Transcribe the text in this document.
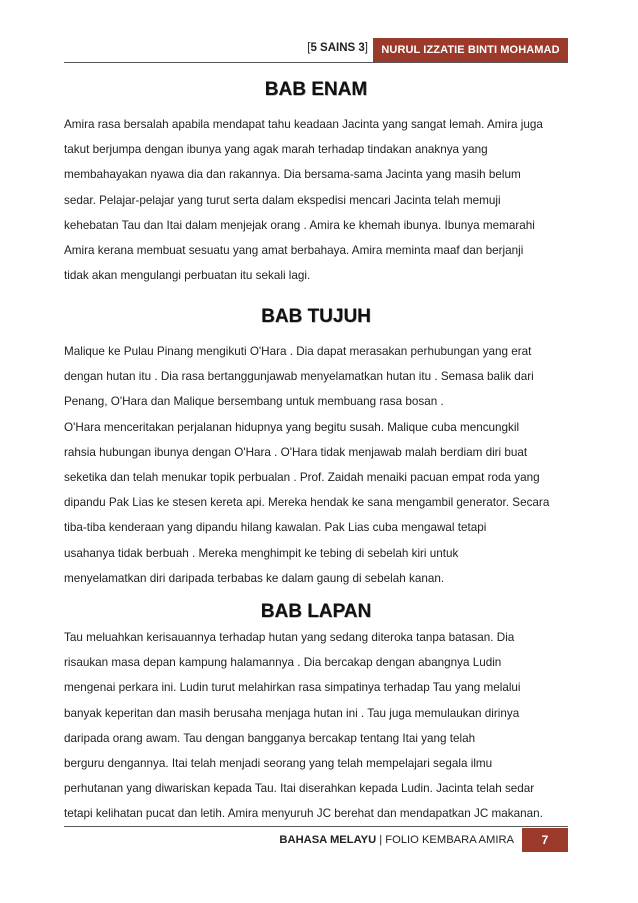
[5 SAINS 3]	NURUL IZZATIE BINTI MOHAMAD
BAB ENAM
Amira rasa bersalah apabila mendapat tahu keadaan Jacinta yang sangat lemah. Amira juga
takut berjumpa dengan ibunya yang agak marah terhadap tindakan anaknya yang
membahayakan nyawa dia dan rakannya. Dia bersama-sama Jacinta yang masih belum
sedar. Pelajar-pelajar yang turut serta dalam ekspedisi mencari Jacinta telah memuji
kehebatan Tau dan Itai dalam menjejak orang . Amira ke khemah ibunya. Ibunya memarahi
Amira kerana membuat sesuatu yang amat berbahaya. Amira meminta maaf dan berjanji
tidak akan mengulangi perbuatan itu sekali lagi.
BAB TUJUH
Malique ke Pulau Pinang mengikuti O'Hara . Dia dapat merasakan perhubungan yang erat
dengan hutan itu . Dia rasa bertanggunjawab menyelamatkan hutan itu . Semasa balik dari
Penang, O'Hara dan Malique bersembang untuk membuang rasa bosan .
O'Hara menceritakan perjalanan hidupnya yang begitu susah. Malique cuba mencungkil
rahsia hubungan ibunya dengan O'Hara . O'Hara tidak menjawab malah berdiam diri buat
seketika dan telah menukar topik perbualan . Prof. Zaidah menaiki pacuan empat roda yang
dipandu Pak Lias ke stesen kereta api. Mereka hendak ke sana mengambil generator. Secara
tiba-tiba kenderaan yang dipandu hilang kawalan. Pak Lias cuba mengawal tetapi
usahanya tidak berbuah . Mereka menghimpit ke tebing di sebelah kiri untuk
menyelamatkan diri daripada terbabas ke dalam gaung di sebelah kanan.
BAB LAPAN
Tau meluahkan kerisauannya terhadap hutan yang sedang diteroka tanpa batasan. Dia
risaukan masa depan kampung halamannya . Dia bercakap dengan abangnya Ludin
mengenai perkara ini. Ludin turut melahirkan rasa simpatinya terhadap Tau yang melalui
banyak keperitan dan masih berusaha menjaga hutan ini . Tau juga memulaukan dirinya
daripada orang awam. Tau dengan bangganya bercakap tentang Itai yang telah
berguru dengannya. Itai telah menjadi seorang yang telah mempelajari segala ilmu
perhutanan yang diwariskan kepada Tau. Itai diserahkan kepada Ludin. Jacinta telah sedar
tetapi kelihatan pucat dan letih. Amira menyuruh JC berehat dan mendapatkan JC makanan.
BAHASA MELAYU | FOLIO KEMBARA AMIRA	7
